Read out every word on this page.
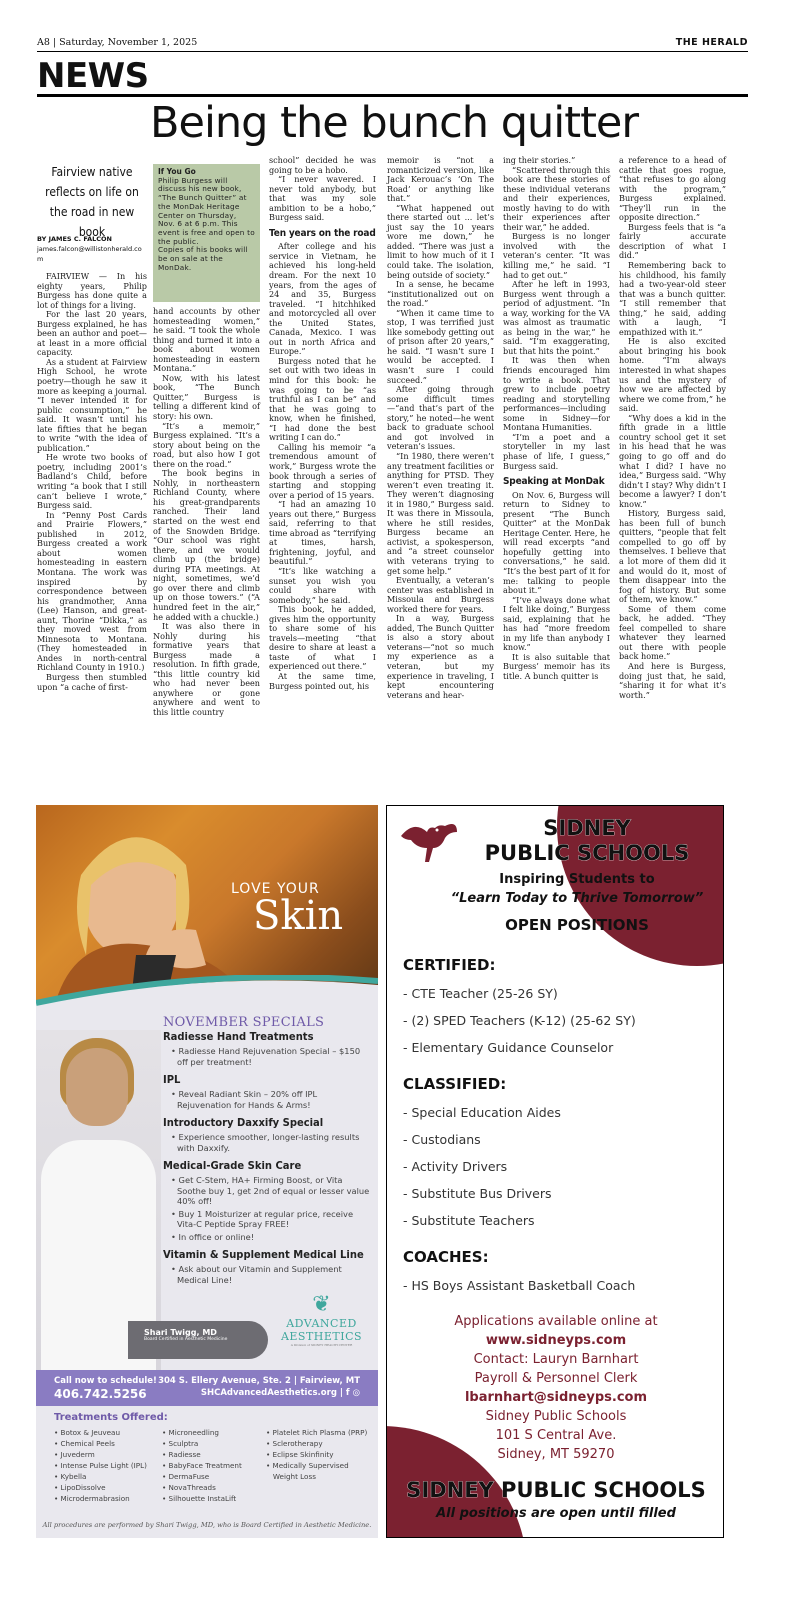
A8 | Saturday, November 1, 2025	THE HERALD
NEWS
Being the bunch quitter
Fairview native reflects on life on the road in new book
BY JAMES C. FALCON
james.falcon@willistonherald.com
If You Go
Philip Burgess will discuss his new book, “The Bunch Quitter” at the MonDak Heritage Center on Thursday, Nov. 6 at 6 p.m. This event is free and open to the public.
Copies of his books will be on sale at the MonDak.

FAIRVIEW — In his eighty years, Philip Burgess has done quite a lot of things for a living.

For the last 20 years, Burgess explained, he has been an author and poet—at least in a more official capacity.

As a student at Fairview High School, he wrote poetry—though he saw it more as keeping a journal. “I never intended it for public consumption,” he said. It wasn’t until his late fifties that he began to write “with the idea of publication.”

He wrote two books of poetry, including 2001’s Badland’s Child, before writing “a book that I still can’t believe I wrote,” Burgess said.

In “Penny Post Cards and Prairie Flowers,” published in 2012, Burgess created a work about women homesteading in eastern Montana. The work was inspired by correspondence between his grandmother, Anna (Lee) Hanson, and great-aunt, Thorine “Dikka,” as they moved west from Minnesota to Montana. (They homesteaded in Andes in north-central Richland County in 1910.)

Burgess then stumbled upon “a cache of first-

hand accounts by other homesteading women,” he said. “I took the whole thing and turned it into a book about women homesteading in eastern Montana.”

Now, with his latest book, “The Bunch Quitter,” Burgess is telling a different kind of story: his own.

“It’s a memoir,” Burgess explained. “It’s a story about being on the road, but also how I got there on the road.”

The book begins in Nohly, in northeastern Richland County, where his great-grandparents ranched. Their land started on the west end of the Snowden Bridge. “Our school was right there, and we would climb up (the bridge) during PTA meetings. At night, sometimes, we’d go over there and climb up on those towers.” (“A hundred feet in the air,” he added with a chuckle.)

It was also there in Nohly during his formative years that Burgess made a resolution. In fifth grade, “this little country kid who had never been anywhere or gone anywhere and went to this little country

school” decided he was going to be a hobo.

“I never wavered. I never told anybody, but that was my sole ambition to be a hobo,” Burgess said.

Ten years on the road

After college and his service in Vietnam, he achieved his long-held dream. For the next 10 years, from the ages of 24 and 35, Burgess traveled. “I hitchhiked and motorcycled all over the United States, Canada, Mexico. I was out in north Africa and Europe.”

Burgess noted that he set out with two ideas in mind for this book: he was going to be “as truthful as I can be” and that he was going to know, when he finished, “I had done the best writing I can do.”

Calling his memoir “a tremendous amount of work,” Burgess wrote the book through a series of starting and stopping over a period of 15 years.

“I had an amazing 10 years out there,” Burgess said, referring to that time abroad as “terrifying at times, harsh, frightening, joyful, and beautiful.”

“It’s like watching a sunset you wish you could share with somebody,” he said.

This book, he added, gives him the opportunity to share some of his travels—meeting “that desire to share at least a taste of what I experienced out there.”

At the same time, Burgess pointed out, his

memoir is “not a romanticized version, like Jack Kerouac’s ‘On The Road’ or anything like that.”

“What happened out there started out ... let’s just say the 10 years wore me down,” he added. “There was just a limit to how much of it I could take. The isolation, being outside of society.”

In a sense, he became “institutionalized out on the road.”

“When it came time to stop, I was terrified just like somebody getting out of prison after 20 years,” he said. “I wasn’t sure I would be accepted. I wasn’t sure I could succeed.”

After going through some difficult times—“and that’s part of the story,” he noted—he went back to graduate school and got involved in veteran’s issues.

“In 1980, there weren’t any treatment facilities or anything for PTSD. They weren’t even treating it. They weren’t diagnosing it in 1980,” Burgess said. It was there in Missoula, where he still resides, Burgess became an activist, a spokesperson, and “a street counselor with veterans trying to get some help.”

Eventually, a veteran’s center was established in Missoula and Burgess worked there for years.

In a way, Burgess added, The Bunch Quitter is also a story about veterans—“not so much my experience as a veteran, but my experience in traveling, I kept encountering veterans and hear-

ing their stories.”

“Scattered through this book are these stories of these individual veterans and their experiences, mostly having to do with their experiences after their war,” he added.

Burgess is no longer involved with the veteran’s center. “It was killing me,” he said. “I had to get out.”

After he left in 1993, Burgess went through a period of adjustment. “In a way, working for the VA was almost as traumatic as being in the war,” he said. “I’m exaggerating, but that hits the point.”

It was then when friends encouraged him to write a book. That grew to include poetry reading and storytelling performances—including some in Sidney—for Montana Humanities.

“I’m a poet and a storyteller in my last phase of life, I guess,” Burgess said.

Speaking at MonDak

On Nov. 6, Burgess will return to Sidney to present “The Bunch Quitter” at the MonDak Heritage Center. Here, he will read excerpts “and hopefully getting into conversations,” he said. “It’s the best part of it for me: talking to people about it.”

“I’ve always done what I felt like doing,” Burgess said, explaining that he has had “more freedom in my life than anybody I know.”

It is also suitable that Burgess’ memoir has its title. A bunch quitter is

a reference to a head of cattle that goes rogue, “that refuses to go along with the program,” Burgess explained. “They’ll run in the opposite direction.”

Burgess feels that is “a fairly accurate description of what I did.”

Remembering back to his childhood, his family had a two-year-old steer that was a bunch quitter. “I still remember that thing,” he said, adding with a laugh, “I empathized with it.”

He is also excited about bringing his book home. “I’m always interested in what shapes us and the mystery of how we are affected by where we come from,” he said.

“Why does a kid in the fifth grade in a little country school get it set in his head that he was going to go off and do what I did? I have no idea,” Burgess said. “Why didn’t I stay? Why didn’t I become a lawyer? I don’t know.”

History, Burgess said, has been full of bunch quitters, “people that felt compelled to go off by themselves. I believe that a lot more of them did it and would do it, most of them disappear into the fog of history. But some of them, we know.”

Some of them come back, he added. “They feel compelled to share whatever they learned out there with people back home.”

And here is Burgess, doing just that, he said, “sharing it for what it’s worth.”

LOVE YOUR
Skin
Shari Twigg, MD
Board Certified in Aesthetic Medicine
NOVEMBER SPECIALS
Radiesse Hand Treatments
• Radiesse Hand Rejuvenation Special – $150 off per treatment!
IPL
• Reveal Radiant Skin – 20% off IPL Rejuvenation for Hands & Arms!
Introductory Daxxify Special
• Experience smoother, longer-lasting results with Daxxify.
Medical-Grade Skin Care
• Get C-Stem, HA+ Firming Boost, or Vita Soothe buy 1, get 2nd of equal or lesser value 40% off!
• Buy 1 Moisturizer at regular price, receive Vita-C Peptide Spray FREE!
• In office or online!
Vitamin & Supplement Medical Line
• Ask about our Vitamin and Supplement Medical Line!
❦
ADVANCED
AESTHETICS
A Division of SIDNEY HEALTH CENTER
Call now to schedule!
406.742.5256
304 S. Ellery Avenue, Ste. 2 | Fairview, MT
SHCAdvancedAesthetics.org | f ◎
Treatments Offered:
• Botox & Jeuveau
• Chemical Peels
• Juvederm
• Intense Pulse Light (IPL)
• Kybella
• LipoDissolve
• Microdermabrasion
• Microneedling
• Sculptra
• Radiesse
• BabyFace Treatment
• DermaFuse
• NovaThreads
• Silhouette InstaLift
• Platelet Rich Plasma (PRP)
• Sclerotherapy
• Eclipse Skinfinity
• Medically Supervised
Weight Loss
All procedures are performed by Shari Twigg, MD, who is Board Certified in Aesthetic Medicine.
SIDNEY
PUBLIC SCHOOLS
Inspiring Students to
“Learn Today to Thrive Tomorrow”
OPEN POSITIONS
CERTIFIED:
- CTE Teacher (25-26 SY)
- (2) SPED Teachers (K-12) (25-62 SY)
- Elementary Guidance Counselor
CLASSIFIED:
- Special Education Aides
- Custodians
- Activity Drivers
- Substitute Bus Drivers
- Substitute Teachers
COACHES:
- HS Boys Assistant Basketball Coach
Applications available online at
www.sidneyps.com
Contact: Lauryn Barnhart
Payroll & Personnel Clerk
lbarnhart@sidneyps.com
Sidney Public Schools
101 S Central Ave.
Sidney, MT 59270
SIDNEY PUBLIC SCHOOLS
All positions are open until filled
